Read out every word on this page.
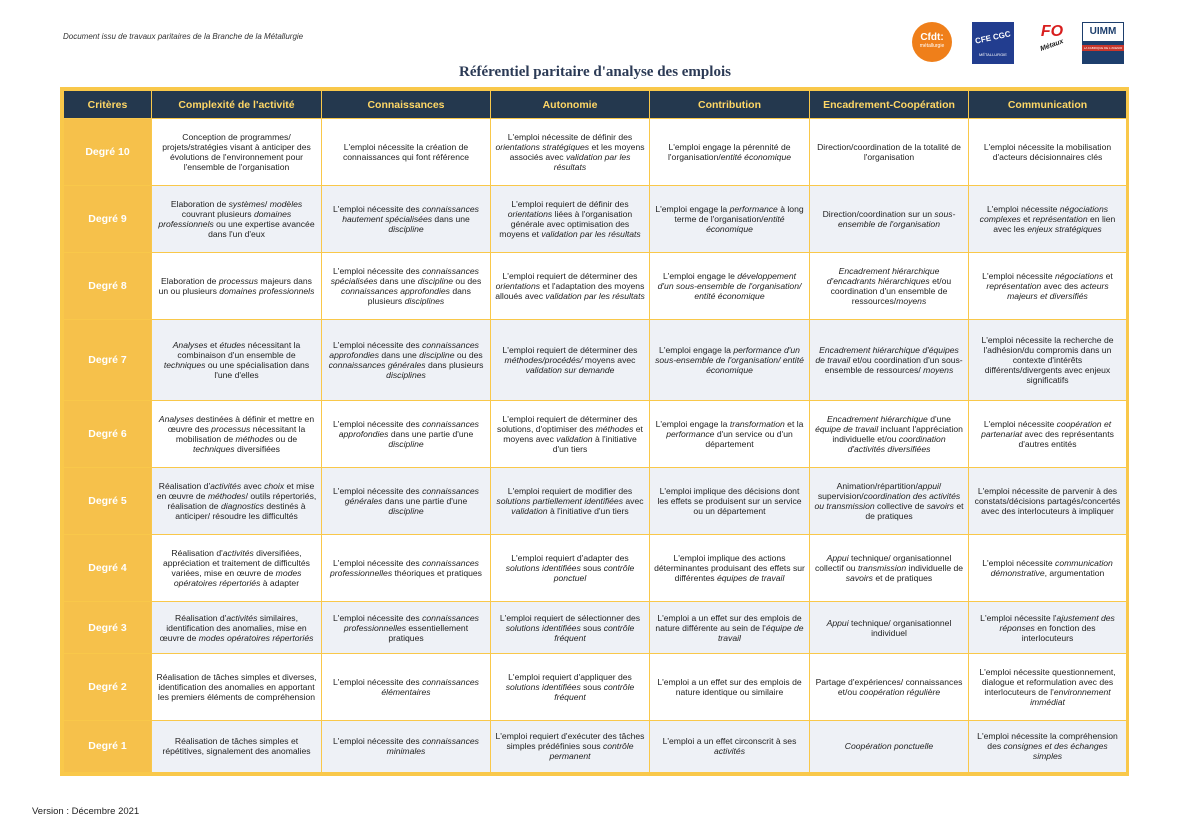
Document issu de travaux paritaires de la Branche de la Métallurgie	Cfdt:
métallurgie
CFE CGC
MÉTALLURGIE
FO
Métaux
UIMM
LA FABRIQUE DE L'AVENIR
Référentiel paritaire d'analyse des emplois
Critères	Complexité de l'activité	Connaissances	Autonomie	Contribution	Encadrement-Coopération	Communication
Degré 10	Conception de programmes/ projets/stratégies visant à anticiper des évolutions de l'environnement pour l'ensemble de l'organisation	L'emploi nécessite la création de connaissances qui font référence	L'emploi nécessite de définir des orientations stratégiques et les moyens associés avec validation par les résultats	L'emploi engage la pérennité de l'organisation/entité économique	Direction/coordination de la totalité de l'organisation	L'emploi nécessite la mobilisation d'acteurs décisionnaires clés
Degré 9	Elaboration de systèmes/ modèles couvrant plusieurs domaines professionnels ou une expertise avancée dans l'un d'eux	L'emploi nécessite des connaissances hautement spécialisées dans une discipline	L'emploi requiert de définir des orientations liées à l'organisation générale avec optimisation des moyens et validation par les résultats	L'emploi engage la performance à long terme de l'organisation/entité économique	Direction/coordination sur un sous-ensemble de l'organisation	L'emploi nécessite négociations complexes et représentation en lien avec les enjeux stratégiques
Degré 8	Elaboration de processus majeurs dans un ou plusieurs domaines professionnels	L'emploi nécessite des connaissances spécialisées dans une discipline ou des connaissances approfondies dans plusieurs disciplines	L'emploi requiert de déterminer des orientations et l'adaptation des moyens alloués avec validation par les résultats	L'emploi engage le développement d'un sous-ensemble de l'organisation/ entité économique	Encadrement hiérarchique d'encadrants hiérarchiques et/ou coordination d'un ensemble de ressources/moyens	L'emploi nécessite négociations et représentation avec des acteurs majeurs et diversifiés
Degré 7	Analyses et études nécessitant la combinaison d'un ensemble de techniques ou une spécialisation dans l'une d'elles	L'emploi nécessite des connaissances approfondies dans une discipline ou des connaissances générales dans plusieurs disciplines	L'emploi requiert de déterminer des méthodes/procédés/ moyens avec validation sur demande	L'emploi engage la performance d'un sous-ensemble de l'organisation/ entité économique	Encadrement hiérarchique d'équipes de travail et/ou coordination d'un sous-ensemble de ressources/ moyens	L'emploi nécessite la recherche de l'adhésion/du compromis dans un contexte d'intérêts différents/divergents avec enjeux significatifs
Degré 6	Analyses destinées à définir et mettre en œuvre des processus nécessitant la mobilisation de méthodes ou de techniques diversifiées	L'emploi nécessite des connaissances approfondies dans une partie d'une discipline	L'emploi requiert de déterminer des solutions, d'optimiser des méthodes et moyens avec validation à l'initiative d'un tiers	L'emploi engage la transformation et la performance d'un service ou d'un département	Encadrement hiérarchique d'une équipe de travail incluant l'appréciation individuelle et/ou coordination d'activités diversifiées	L'emploi nécessite coopération et partenariat avec des représentants d'autres entités
Degré 5	Réalisation d'activités avec choix et mise en œuvre de méthodes/ outils répertoriés, réalisation de diagnostics destinés à anticiper/ résoudre les difficultés	L'emploi nécessite des connaissances générales dans une partie d'une discipline	L'emploi requiert de modifier des solutions partiellement identifiées avec validation à l'initiative d'un tiers	L'emploi implique des décisions dont les effets se produisent sur un service ou un département	Animation/répartition/appui/ supervision/coordination des activités ou transmission collective de savoirs et de pratiques	L'emploi nécessite de parvenir à des constats/décisions partagés/concertés avec des interlocuteurs à impliquer
Degré 4	Réalisation d'activités diversifiées, appréciation et traitement de difficultés variées, mise en œuvre de modes opératoires répertoriés à adapter	L'emploi nécessite des connaissances professionnelles théoriques et pratiques	L'emploi requiert d'adapter des solutions identifiées sous contrôle ponctuel	L'emploi implique des actions déterminantes produisant des effets sur différentes équipes de travail	Appui technique/ organisationnel collectif ou transmission individuelle de savoirs et de pratiques	L'emploi nécessite communication démonstrative, argumentation
Degré 3	Réalisation d'activités similaires, identification des anomalies, mise en œuvre de modes opératoires répertoriés	L'emploi nécessite des connaissances professionnelles essentiellement pratiques	L'emploi requiert de sélectionner des solutions identifiées sous contrôle fréquent	L'emploi a un effet sur des emplois de nature différente au sein de l'équipe de travail	Appui technique/ organisationnel individuel	L'emploi nécessite l'ajustement des réponses en fonction des interlocuteurs
Degré 2	Réalisation de tâches simples et diverses, identification des anomalies en apportant les premiers éléments de compréhension	L'emploi nécessite des connaissances élémentaires	L'emploi requiert d'appliquer des solutions identifiées sous contrôle fréquent	L'emploi a un effet sur des emplois de nature identique ou similaire	Partage d'expériences/ connaissances et/ou coopération régulière	L'emploi nécessite questionnement, dialogue et reformulation avec des interlocuteurs de l'environnement immédiat
Degré 1	Réalisation de tâches simples et répétitives, signalement des anomalies	L'emploi nécessite des connaissances minimales	L'emploi requiert d'exécuter des tâches simples prédéfinies sous contrôle permanent	L'emploi a un effet circonscrit à ses activités	Coopération ponctuelle	L'emploi nécessite la compréhension des consignes et des échanges simples
Version : Décembre 2021
